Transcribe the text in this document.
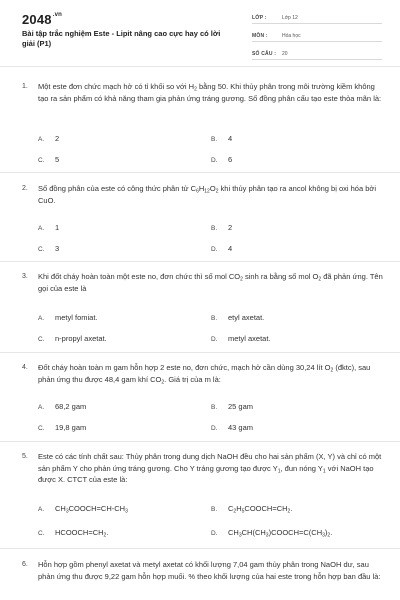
$2048^{.vn}$
Bài tập trắc nghiệm Este - Lipit nâng cao cực hay có lời giải (P1)
LỚP :	Lớp 12
MÔN :	Hóa học
SỐ CÂU : 20
1. Một este đơn chức mạch hở có tỉ khối so với $H_2$ bằng 50. Khi thủy phân trong môi trường kiềm không tạo ra sản phẩm có khả năng tham gia phản ứng tráng gương. Số đồng phân cấu tạo este thỏa mãn là:
A. 2	B. 4
C. 5	D. 6
2. Số đồng phân của este có công thức phân tử $C_6H_{12}O_2$ khi thủy phân tạo ra ancol không bị oxi hóa bởi CuO.
A. 1	B. 2
C. 3	D. 4
3. Khi đốt cháy hoàn toàn một este no, đơn chức thì số mol $CO_2$ sinh ra bằng số mol $O_2$ đã phản ứng. Tên gọi của este là
A. metyl fomiat.	B. etyl axetat.
C. n-propyl axetat.	D. metyl axetat.
4. Đốt cháy hoàn toàn m gam hỗn hợp 2 este no, đơn chức, mạch hở cần dùng 30,24 lít $O_2$ (đktc), sau phản ứng thu được 48,4 gam khí $CO_2$. Giá trị của m là:
A. 68,2 gam	B. 25 gam
C. 19,8 gam	D. 43 gam
5. Este có các tính chất sau: Thủy phân trong dung dịch NaOH đều cho hai sản phẩm (X, Y) và chỉ có một sản phẩm Y cho phản ứng tráng gương. Cho Y tráng gương tạo được $Y_1$, đun nóng $Y_1$ với NaOH tạo được X. CTCT của este là:
A. $CH_3COOCH=CH-CH_3$	B. $C_2H_5COOCH=CH_2$.
C. $HCOOCH=CH_2$.	D. $CH_3CH(CH_3)COOCH=C(CH_3)_2$.
6. Hỗn hợp gồm phenyl axetat và metyl axetat có khối lượng 7,04 gam thủy phân trong NaOH dư, sau phản ứng thu được 9,22 gam hỗn hợp muối. % theo khối lượng của hai este trong hỗn hợp ban đầu là:
